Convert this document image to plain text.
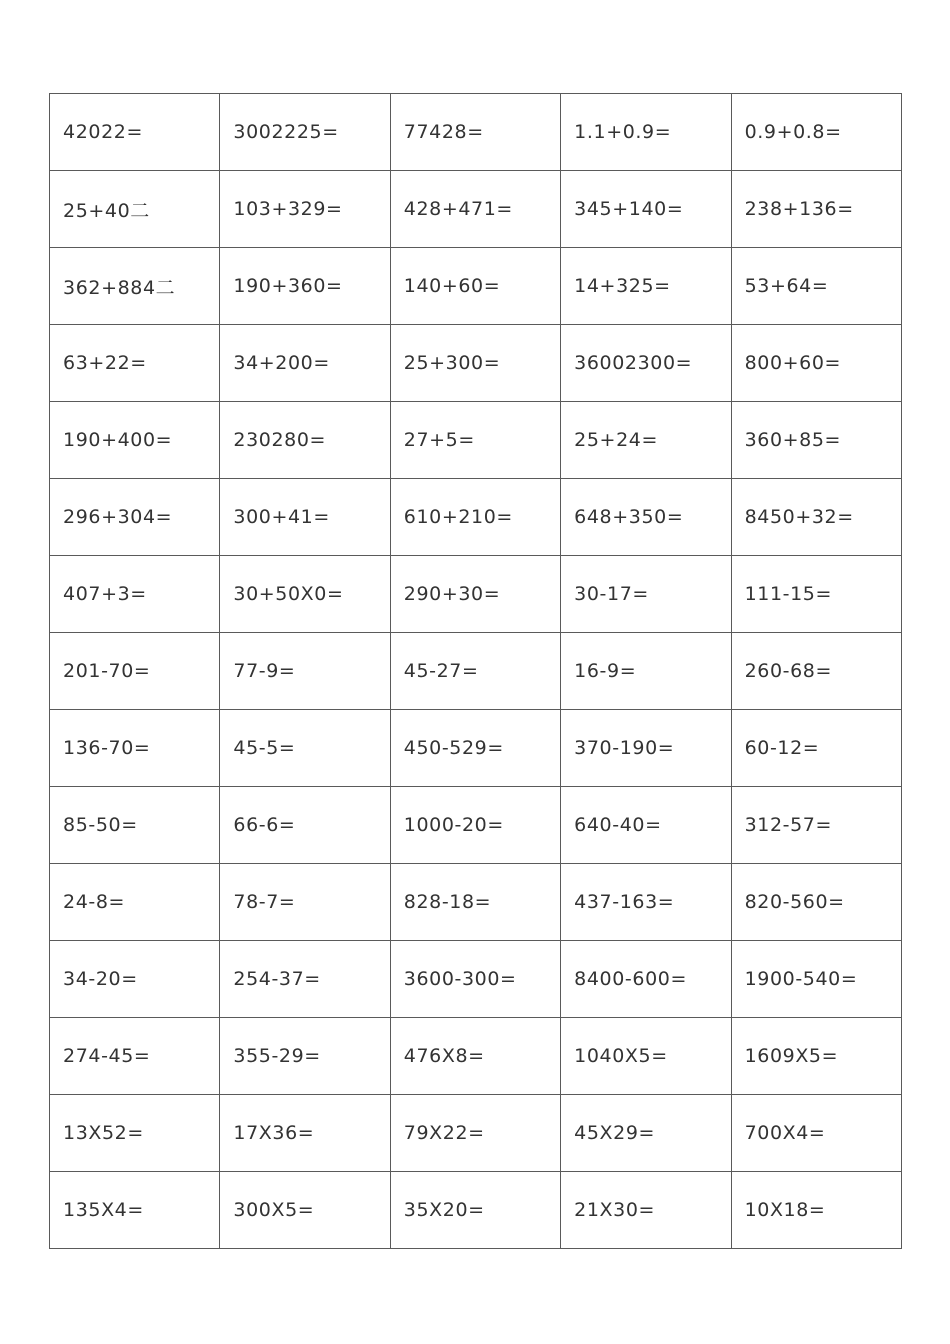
42022=	3002225=	77428=	1.1+0.9=	0.9+0.8=
25+40二	103+329=	428+471=	345+140=	238+136=
362+884二	190+360=	140+60=	14+325=	53+64=
63+22=	34+200=	25+300=	36002300=	800+60=
190+400=	230280=	27+5=	25+24=	360+85=
296+304=	300+41=	610+210=	648+350=	8450+32=
407+3=	30+50X0=	290+30=	30-17=	111-15=
201-70=	77-9=	45-27=	16-9=	260-68=
136-70=	45-5=	450-529=	370-190=	60-12=
85-50=	66-6=	1000-20=	640-40=	312-57=
24-8=	78-7=	828-18=	437-163=	820-560=
34-20=	254-37=	3600-300=	8400-600=	1900-540=
274-45=	355-29=	476X8=	1040X5=	1609X5=
13X52=	17X36=	79X22=	45X29=	700X4=
135X4=	300X5=	35X20=	21X30=	10X18=
